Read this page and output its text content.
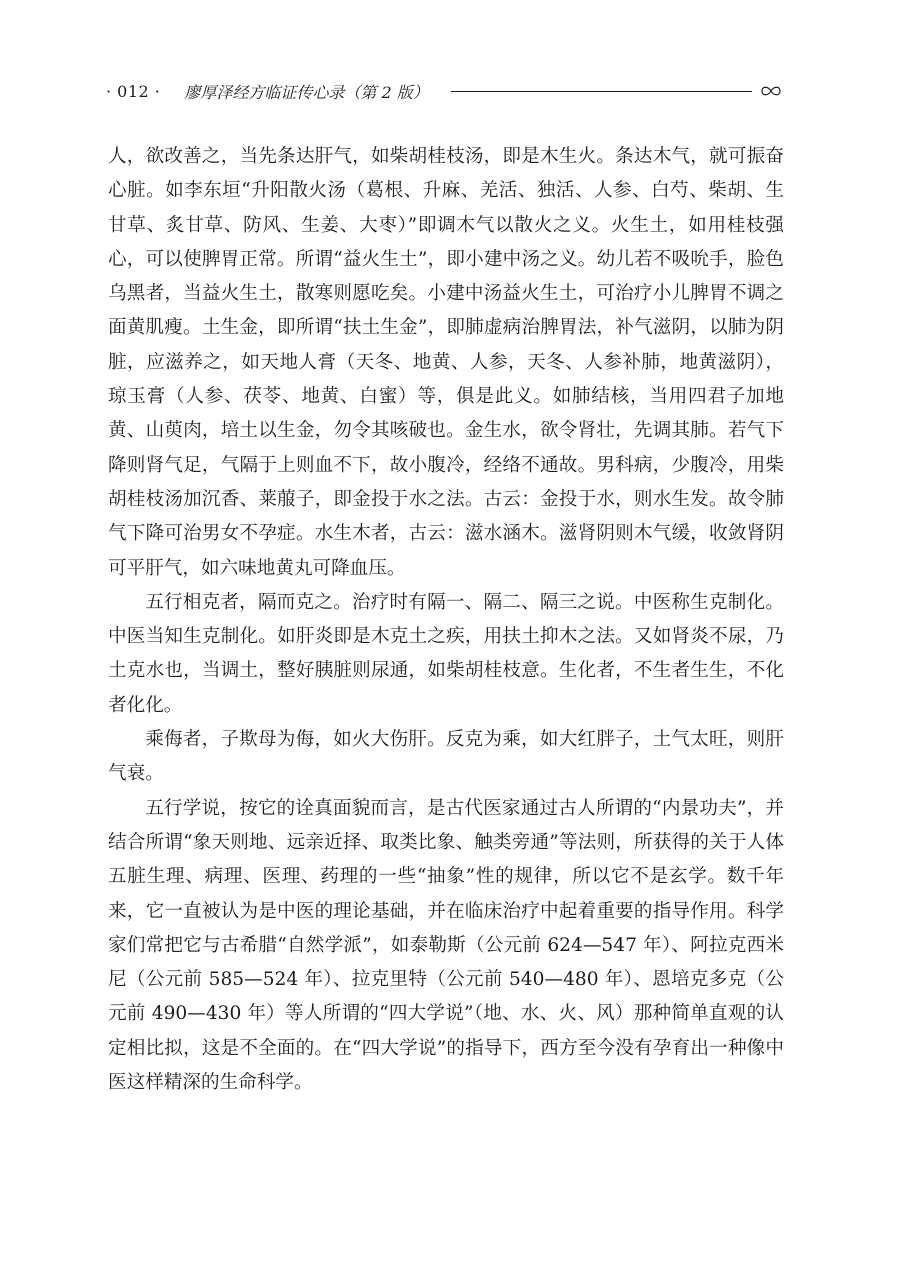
· 012 · 廖厚泽经方临证传心录（第 2 版）

人，欲改善之，当先条达肝气，如柴胡桂枝汤，即是木生火。条达木气，就可振奋心脏。如李东垣“升阳散火汤（葛根、升麻、羌活、独活、人参、白芍、柴胡、生甘草、炙甘草、防风、生姜、大枣）”即调木气以散火之义。火生土，如用桂枝强心，可以使脾胃正常。所谓“益火生土”，即小建中汤之义。幼儿若不吸吮手，脸色乌黑者，当益火生土，散寒则愿吃矣。小建中汤益火生土，可治疗小儿脾胃不调之面黄肌瘦。土生金，即所谓“扶土生金”，即肺虚病治脾胃法，补气滋阴，以肺为阴脏，应滋养之，如天地人膏（天冬、地黄、人参，天冬、人参补肺，地黄滋阴），琼玉膏（人参、茯苓、地黄、白蜜）等，俱是此义。如肺结核，当用四君子加地黄、山萸肉，培土以生金，勿令其咳破也。金生水，欲令肾壮，先调其肺。若气下降则肾气足，气隔于上则血不下，故小腹冷，经络不通故。男科病，少腹冷，用柴胡桂枝汤加沉香、莱菔子，即金投于水之法。古云：金投于水，则水生发。故令肺气下降可治男女不孕症。水生木者，古云：滋水涵木。滋肾阴则木气缓，收敛肾阴可平肝气，如六味地黄丸可降血压。

五行相克者，隔而克之。治疗时有隔一、隔二、隔三之说。中医称生克制化。中医当知生克制化。如肝炎即是木克土之疾，用扶土抑木之法。又如肾炎不尿，乃土克水也，当调土，整好胰脏则尿通，如柴胡桂枝意。生化者，不生者生生，不化者化化。

乘侮者，子欺母为侮，如火大伤肝。反克为乘，如大红胖子，土气太旺，则肝气衰。

五行学说，按它的诠真面貌而言，是古代医家通过古人所谓的“内景功夫”，并结合所谓“象天则地、远亲近择、取类比象、触类旁通”等法则，所获得的关于人体五脏生理、病理、医理、药理的一些“抽象”性的规律，所以它不是玄学。数千年来，它一直被认为是中医的理论基础，并在临床治疗中起着重要的指导作用。科学家们常把它与古希腊“自然学派”，如泰勒斯（公元前 624—547 年）、阿拉克西米尼（公元前 585—524 年）、拉克里特（公元前 540—480 年）、恩培克多克（公元前 490—430 年）等人所谓的“四大学说”（地、水、火、风）那种简单直观的认定相比拟，这是不全面的。在“四大学说”的指导下，西方至今没有孕育出一种像中医这样精深的生命科学。
